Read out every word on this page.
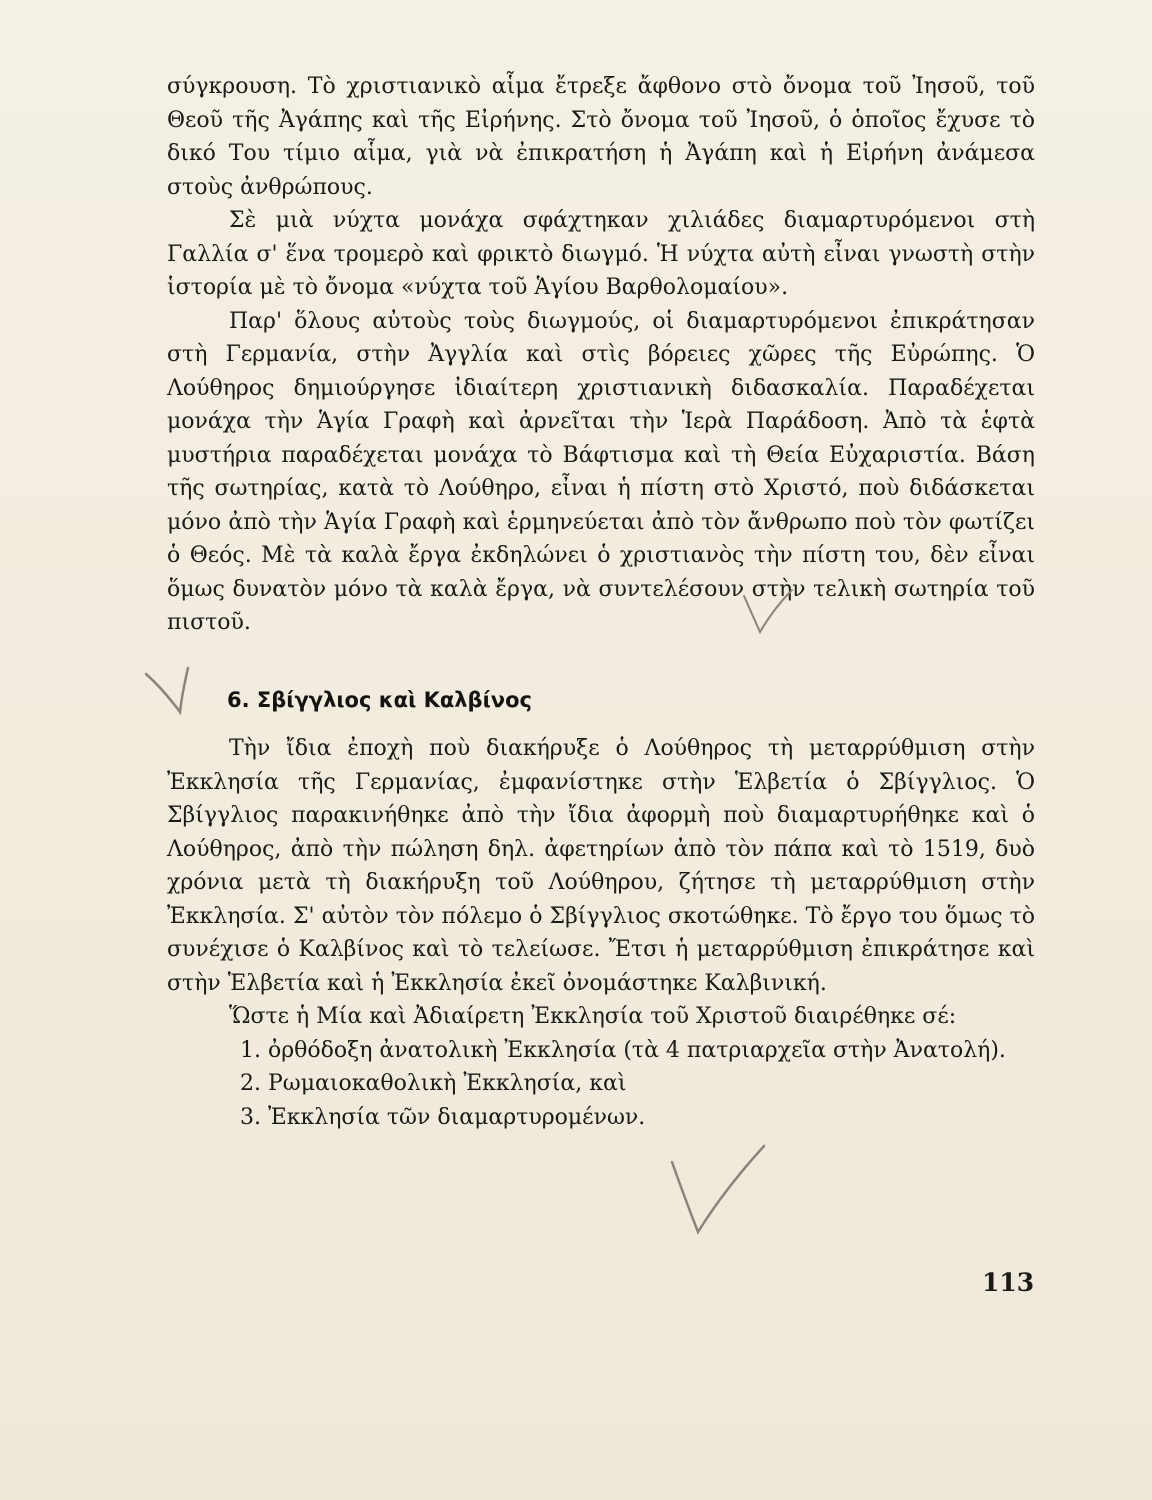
σύγκρουση. Τὸ χριστιανικὸ αἷμα ἔτρεξε ἄφθονο στὸ ὄνομα τοῦ Ἰησοῦ, τοῦ Θεοῦ τῆς Ἀγάπης καὶ τῆς Εἰρήνης. Στὸ ὄνομα τοῦ Ἰησοῦ, ὁ ὁποῖος ἔχυσε τὸ δικό Του τίμιο αἷμα, γιὰ νὰ ἐπικρατήση ἡ Ἀγάπη καὶ ἡ Εἰρήνη ἀνάμεσα στοὺς ἀνθρώπους.

Σὲ μιὰ νύχτα μονάχα σφάχτηκαν χιλιάδες διαμαρτυρόμενοι στὴ Γαλλία σ' ἕνα τρομερὸ καὶ φρικτὸ διωγμό. Ἡ νύχτα αὐτὴ εἶναι γνωστὴ στὴν ἱστορία μὲ τὸ ὄνομα «νύχτα τοῦ Ἁγίου Βαρθολομαίου».

Παρ' ὅλους αὐτοὺς τοὺς διωγμούς, οἱ διαμαρτυρόμενοι ἐπικράτησαν στὴ Γερμανία, στὴν Ἀγγλία καὶ στὶς βόρειες χῶρες τῆς Εὐρώπης. Ὁ Λούθηρος δημιούργησε ἰδιαίτερη χριστιανικὴ διδασκαλία. Παραδέχεται μονάχα τὴν Ἁγία Γραφὴ καὶ ἀρνεῖται τὴν Ἱερὰ Παράδοση. Ἀπὸ τὰ ἑφτὰ μυστήρια παραδέχεται μονάχα τὸ Βάφτισμα καὶ τὴ Θεία Εὐχαριστία. Βάση τῆς σωτηρίας, κατὰ τὸ Λούθηρο, εἶναι ἡ πίστη στὸ Χριστό, ποὺ διδάσκεται μόνο ἀπὸ τὴν Ἁγία Γραφὴ καὶ ἑρμηνεύεται ἀπὸ τὸν ἄνθρωπο ποὺ τὸν φωτίζει ὁ Θεός. Μὲ τὰ καλὰ ἔργα ἐκδηλώνει ὁ χριστιανὸς τὴν πίστη του, δὲν εἶναι ὅμως δυνατὸν μόνο τὰ καλὰ ἔργα, νὰ συντελέσουν στὴν τελικὴ σωτηρία τοῦ πιστοῦ.

6. Σβίγγλιος καὶ Καλβίνος

Τὴν ἴδια ἐποχὴ ποὺ διακήρυξε ὁ Λούθηρος τὴ μεταρρύθμιση στὴν Ἐκκλησία τῆς Γερμανίας, ἐμφανίστηκε στὴν Ἑλβετία ὁ Σβίγγλιος. Ὁ Σβίγγλιος παρακινήθηκε ἀπὸ τὴν ἴδια ἀφορμὴ ποὺ διαμαρτυρήθηκε καὶ ὁ Λούθηρος, ἀπὸ τὴν πώληση δηλ. ἀφετηρίων ἀπὸ τὸν πάπα καὶ τὸ 1519, δυὸ χρόνια μετὰ τὴ διακήρυξη τοῦ Λούθηρου, ζήτησε τὴ μεταρρύθμιση στὴν Ἐκκλησία. Σ' αὐτὸν τὸν πόλεμο ὁ Σβίγγλιος σκοτώθηκε. Τὸ ἔργο του ὅμως τὸ συνέχισε ὁ Καλβίνος καὶ τὸ τελείωσε. Ἔτσι ἡ μεταρρύθμιση ἐπικράτησε καὶ στὴν Ἑλβετία καὶ ἡ Ἐκκλησία ἐκεῖ ὀνομάστηκε Καλβινική.

Ὥστε ἡ Μία καὶ Ἀδιαίρετη Ἐκκλησία τοῦ Χριστοῦ διαιρέθηκε σέ:

1. ὀρθόδοξη ἀνατολικὴ Ἐκκλησία (τὰ 4 πατριαρχεῖα στὴν Ἀνατολή).

2. Ρωμαιοκαθολικὴ Ἐκκλησία, καὶ

3. Ἐκκλησία τῶν διαμαρτυρομένων.

113
